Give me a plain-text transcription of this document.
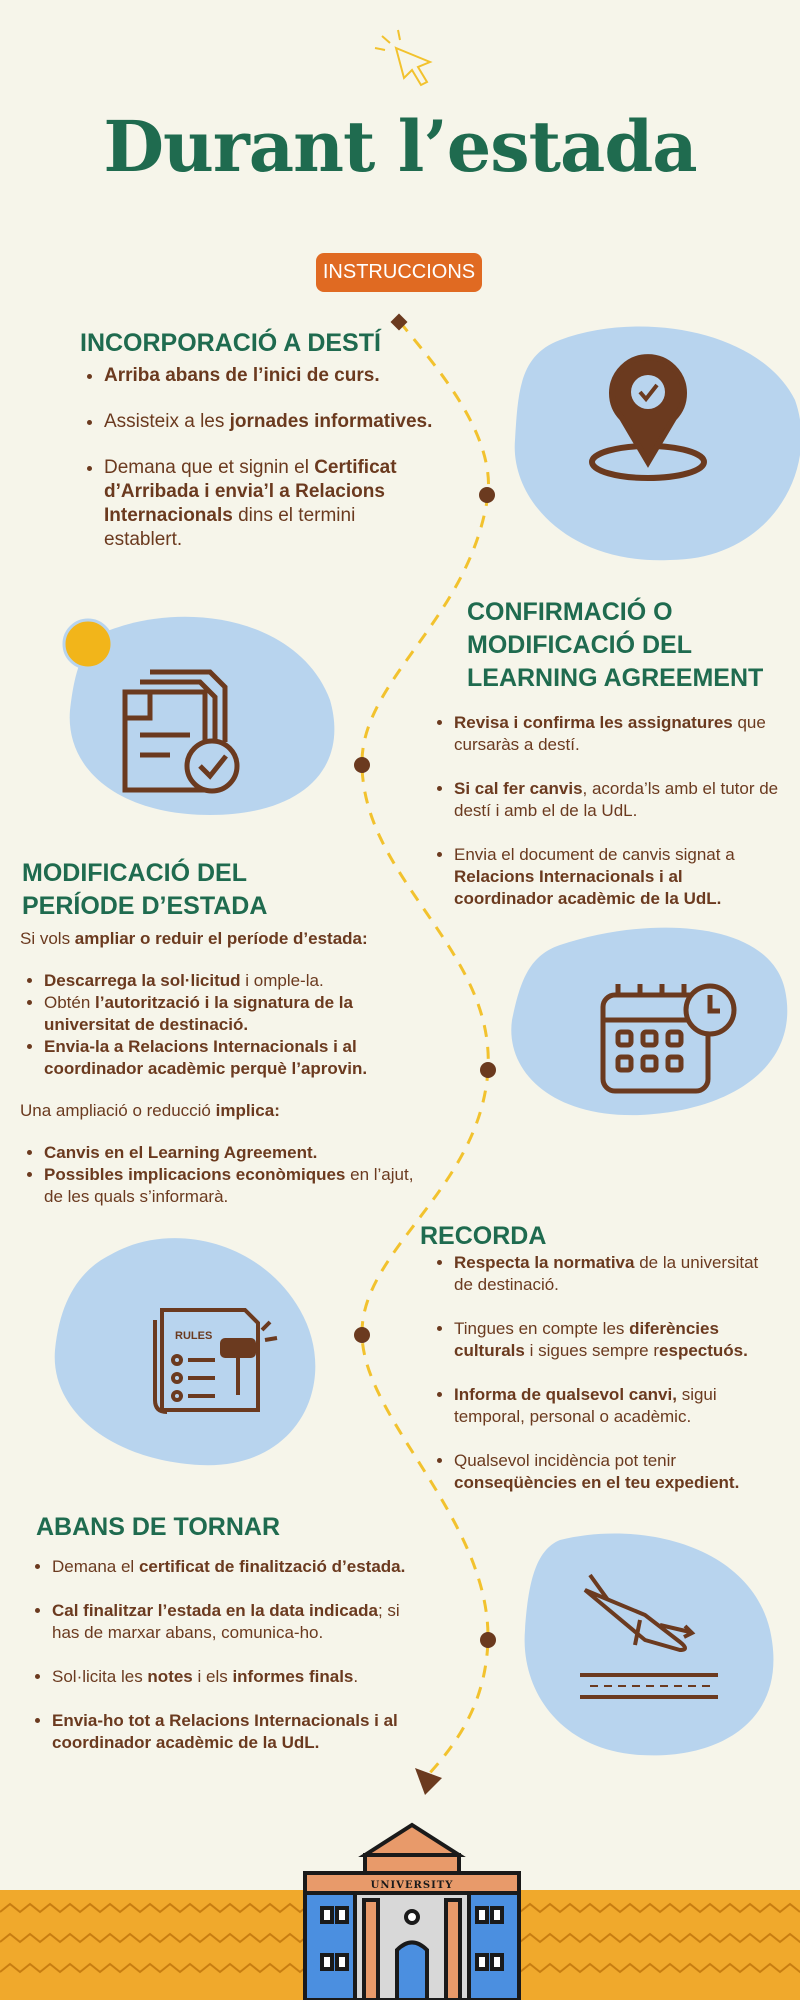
Durant l’estada
INSTRUCCIONS
RULES
UNIVERSITY
INCORPORACIÓ A DESTÍ
• Arriba abans de l’inici de curs.
• Assisteix a les jornades informatives.
• Demana que et signin el Certificat d’Arribada i envia’l a Relacions Internacionals dins el termini establert.
CONFIRMACIÓ O MODIFICACIÓ DEL LEARNING AGREEMENT
• Revisa i confirma les assignatures que cursaràs a destí.
• Si cal fer canvis, acorda’ls amb el tutor de destí i amb el de la UdL.
• Envia el document de canvis signat a Relacions Internacionals i al coordinador acadèmic de la UdL.
MODIFICACIÓ DEL PERÍODE D’ESTADA
Si vols ampliar o reduir el període d’estada:
• Descarrega la sol·licitud i omple-la.
• Obtén l’autorització i la signatura de la universitat de destinació.
• Envia-la a Relacions Internacionals i al coordinador acadèmic perquè l’aprovin.
Una ampliació o reducció implica:
• Canvis en el Learning Agreement.
• Possibles implicacions econòmiques en l’ajut, de les quals s’informarà.
RECORDA
• Respecta la normativa de la universitat de destinació.
• Tingues en compte les diferències culturals i sigues sempre respectuós.
• Informa de qualsevol canvi, sigui temporal, personal o acadèmic.
• Qualsevol incidència pot tenir conseqüències en el teu expedient.
ABANS DE TORNAR
• Demana el certificat de finalització d’estada.
• Cal finalitzar l’estada en la data indicada; si has de marxar abans, comunica-ho.
• Sol·licita les notes i els informes finals.
• Envia-ho tot a Relacions Internacionals i al coordinador acadèmic de la UdL.
